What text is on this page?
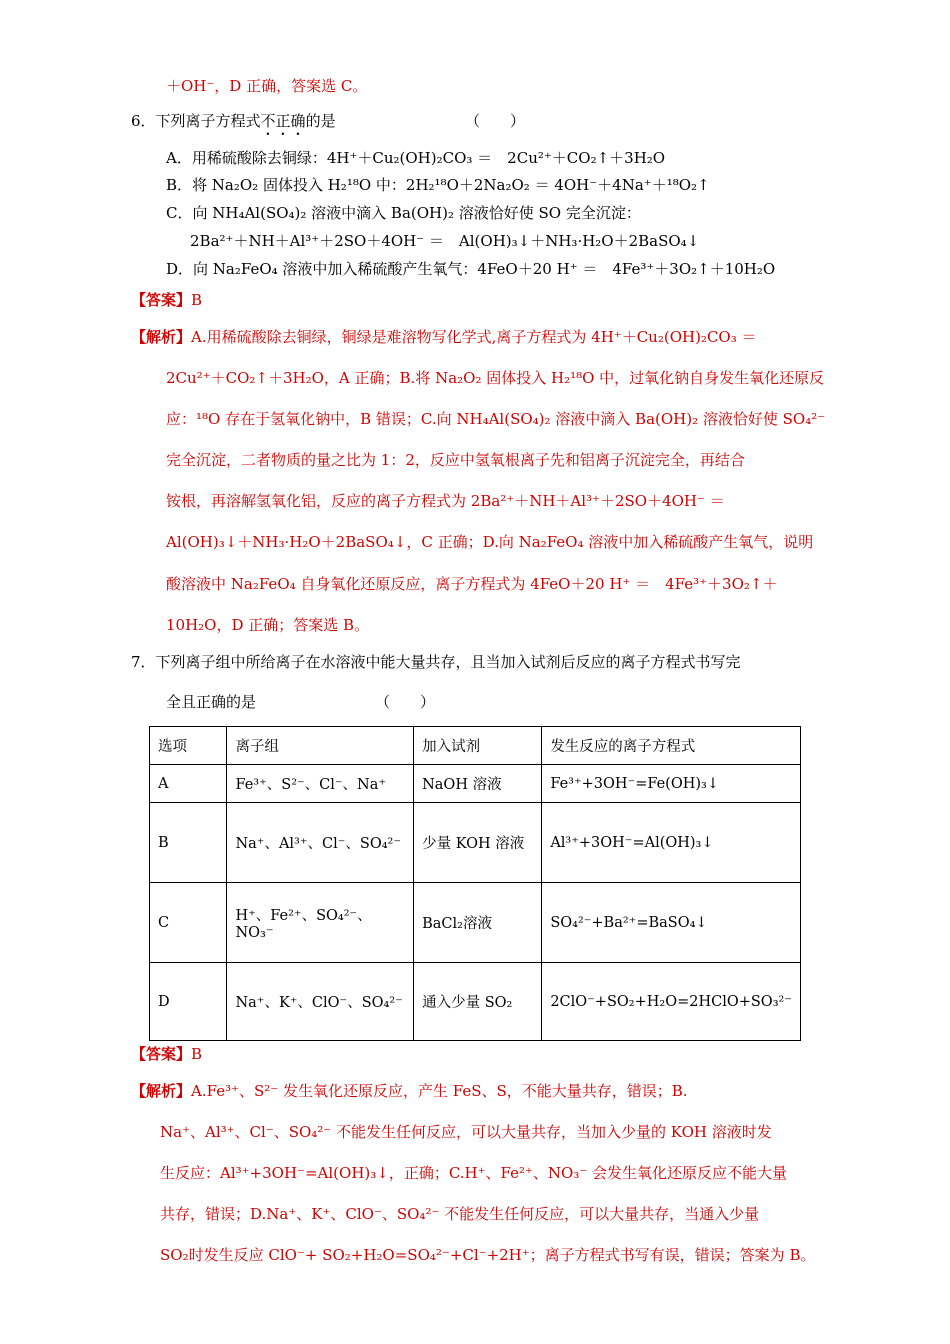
＋OH⁻，D 正确，答案选 C。
6．下列离子方程式不正确的是	（　　）
A．用稀硫酸除去铜绿：4H⁺＋Cu₂(OH)₂CO₃ ＝　2Cu²⁺＋CO₂↑＋3H₂O
B．将 Na₂O₂ 固体投入 H₂¹⁸O 中：2H₂¹⁸O＋2Na₂O₂ ＝ 4OH⁻＋4Na⁺＋¹⁸O₂↑
C．向 NH₄Al(SO₄)₂ 溶液中滴入 Ba(OH)₂ 溶液恰好使 SO 完全沉淀：
2Ba²⁺＋NH＋Al³⁺＋2SO＋4OH⁻ ＝　Al(OH)₃↓＋NH₃·H₂O＋2BaSO₄↓
D．向 Na₂FeO₄ 溶液中加入稀硫酸产生氧气：4FeO＋20 H⁺ ＝　4Fe³⁺＋3O₂↑＋10H₂O
【答案】B
【解析】A.用稀硫酸除去铜绿，铜绿是难溶物写化学式,离子方程式为 4H⁺＋Cu₂(OH)₂CO₃ ＝
2Cu²⁺＋CO₂↑＋3H₂O，A 正确；B.将 Na₂O₂ 固体投入 H₂¹⁸O 中，过氧化钠自身发生氧化还原反
应：¹⁸O 存在于氢氧化钠中，B 错误；C.向 NH₄Al(SO₄)₂ 溶液中滴入 Ba(OH)₂ 溶液恰好使 SO₄²⁻
完全沉淀，二者物质的量之比为 1：2，反应中氢氧根离子先和铝离子沉淀完全，再结合
铵根，再溶解氢氧化铝，反应的离子方程式为 2Ba²⁺＋NH＋Al³⁺＋2SO＋4OH⁻ ＝
Al(OH)₃↓＋NH₃·H₂O＋2BaSO₄↓，C 正确；D.向 Na₂FeO₄ 溶液中加入稀硫酸产生氧气，说明
酸溶液中 Na₂FeO₄ 自身氧化还原反应，离子方程式为 4FeO＋20 H⁺ ＝　4Fe³⁺＋3O₂↑＋
10H₂O，D 正确；答案选 B。
7．下列离子组中所给离子在水溶液中能大量共存，且当加入试剂后反应的离子方程式书写完
全且正确的是	（　　）
选项	离子组	加入试剂	发生反应的离子方程式
A	Fe³⁺、S²⁻、Cl⁻、Na⁺	NaOH 溶液	Fe³⁺+3OH⁻=Fe(OH)₃↓
B	Na⁺、Al³⁺、Cl⁻、SO₄²⁻	少量 KOH 溶液	Al³⁺+3OH⁻=Al(OH)₃↓
C	H⁺、Fe²⁺、SO₄²⁻、NO₃⁻	BaCl₂溶液	SO₄²⁻+Ba²⁺=BaSO₄↓
D	Na⁺、K⁺、ClO⁻、SO₄²⁻	通入少量 SO₂	2ClO⁻+SO₂+H₂O=2HClO+SO₃²⁻
【答案】B
【解析】A.Fe³⁺、S²⁻ 发生氧化还原反应，产生 FeS、S，不能大量共存，错误；B.
Na⁺、Al³⁺、Cl⁻、SO₄²⁻ 不能发生任何反应，可以大量共存，当加入少量的 KOH 溶液时发
生反应：Al³⁺+3OH⁻=Al(OH)₃↓，正确；C.H⁺、Fe²⁺、NO₃⁻ 会发生氧化还原反应不能大量
共存，错误；D.Na⁺、K⁺、ClO⁻、SO₄²⁻ 不能发生任何反应，可以大量共存，当通入少量
SO₂时发生反应 ClO⁻+ SO₂+H₂O=SO₄²⁻+Cl⁻+2H⁺；离子方程式书写有误，错误；答案为 B。
